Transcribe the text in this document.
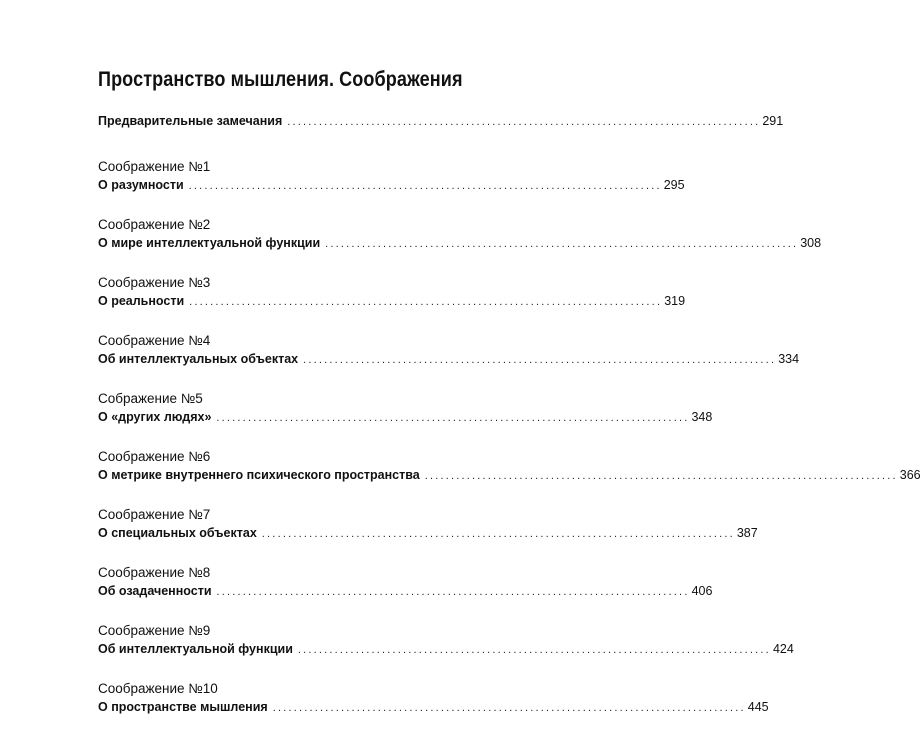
Пространство мышления. Соображения
Предварительные замечания .......................................................................................... 291
Соображение №1
О разумности .......................................................................................... 295
Соображение №2
О мире интеллектуальной функции .......................................................................................... 308
Соображение №3
О реальности .......................................................................................... 319
Соображение №4
Об интеллектуальных объектах .......................................................................................... 334
Сображение №5
О «других людях» .......................................................................................... 348
Соображение №6
О метрике внутреннего психического пространства .......................................................................................... 366
Соображение №7
О специальных объектах .......................................................................................... 387
Соображение №8
Об озадаченности .......................................................................................... 406
Соображение №9
Об интеллектуальной функции .......................................................................................... 424
Соображение №10
О пространстве мышления .......................................................................................... 445
